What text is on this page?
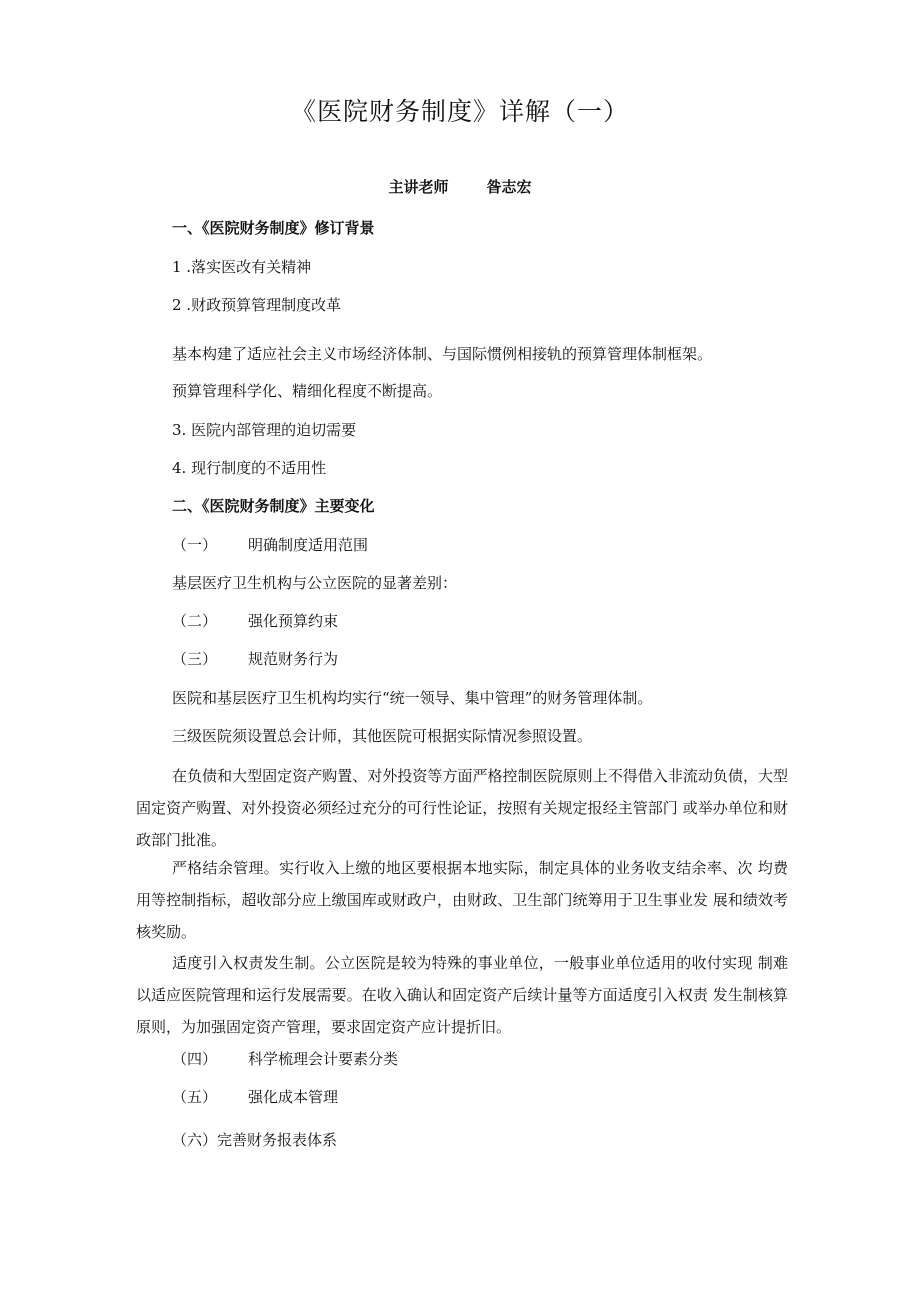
《医院财务制度》详解（一）
主讲老师	昝志宏
一、《医院财务制度》修订背景
1 .落实医改有关精神
2 .财政预算管理制度改革
基本构建了适应社会主义市场经济体制、与国际惯例相接轨的预算管理体制框架。
预算管理科学化、精细化程度不断提高。
3. 医院内部管理的迫切需要
4. 现行制度的不适用性
二、《医院财务制度》主要变化
（一） 明确制度适用范围
基层医疗卫生机构与公立医院的显著差别：
（二） 强化预算约束
（三） 规范财务行为
医院和基层医疗卫生机构均实行“统一领导、集中管理”的财务管理体制。
三级医院须设置总会计师，其他医院可根据实际情况参照设置。
在负债和大型固定资产购置、对外投资等方面严格控制医院原则上不得借入非流动负债，大型固定资产购置、对外投资必须经过充分的可行性论证，按照有关规定报经主管部门 或举办单位和财政部门批准。
严格结余管理。实行收入上缴的地区要根据本地实际，制定具体的业务收支结余率、次 均费用等控制指标，超收部分应上缴国库或财政户，由财政、卫生部门统筹用于卫生事业发 展和绩效考核奖励。
适度引入权责发生制。公立医院是较为特殊的事业单位，一般事业单位适用的收付实现 制难以适应医院管理和运行发展需要。在收入确认和固定资产后续计量等方面适度引入权责 发生制核算原则，为加强固定资产管理，要求固定资产应计提折旧。
（四） 科学梳理会计要素分类
（五） 强化成本管理
（六）完善财务报表体系
